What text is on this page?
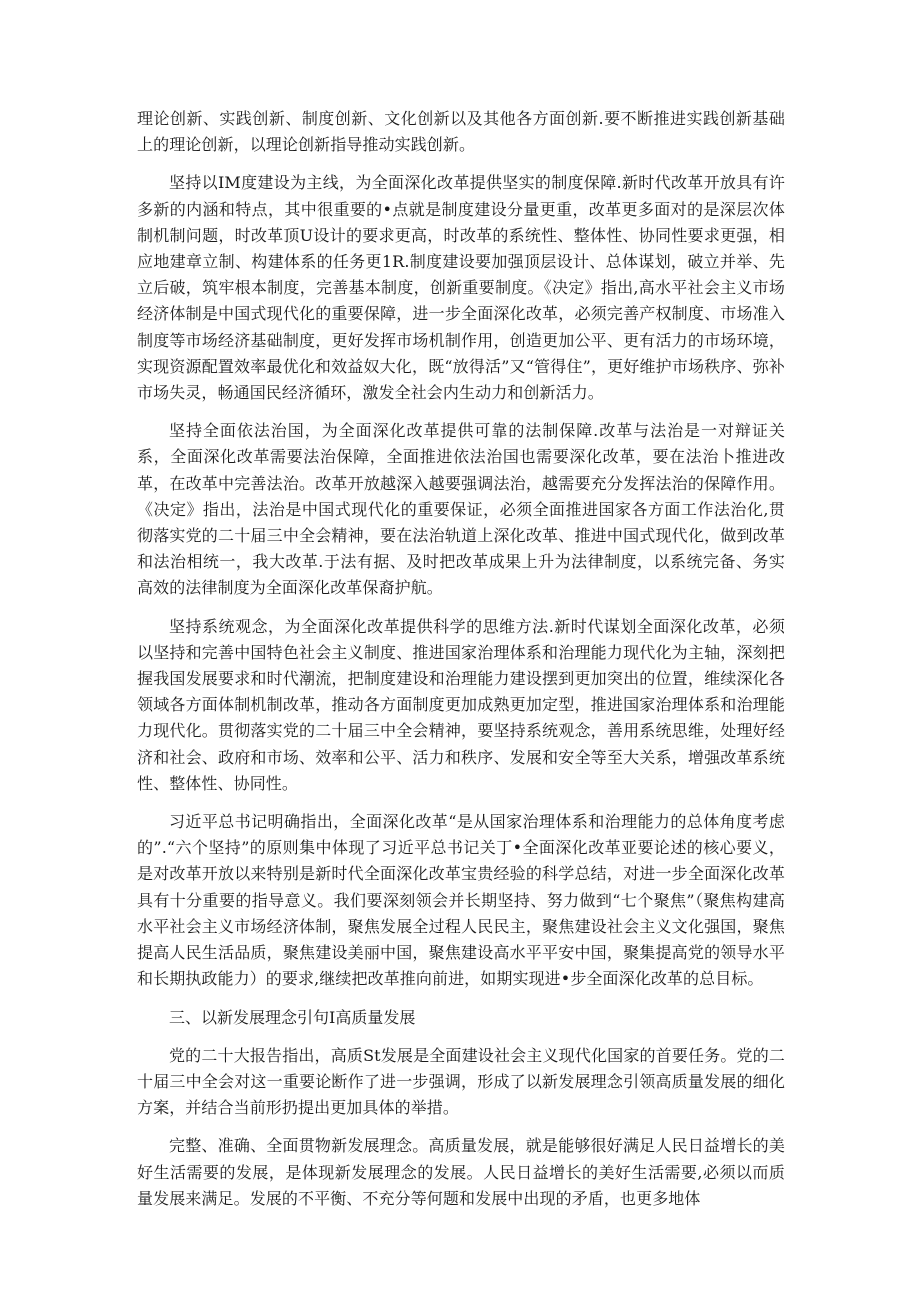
理论创新、实践创新、制度创新、文化创新以及其他各方面创新.要不断推进实践创新基础上的理论创新，以理论创新指导推动实践创新。

坚持以IM度建设为主线，为全面深化改革提供坚实的制度保障.新时代改革开放具有许多新的内涵和特点，其中很重要的•点就是制度建设分量更重，改革更多面对的是深层次体制机制问题，时改革顶U设计的要求更高，时改革的系统性、整体性、协同性要求更强，相应地建章立制、构建体系的任务更1R.制度建设要加强顶层设计、总体谋划，破立并举、先立后破，筑牢根本制度，完善基本制度，创新重要制度。《决定》指出,高水平社会主义市场经济体制是中国式现代化的重要保障，进一步全面深化改革，必须完善产权制度、市场准入制度等市场经济基础制度，更好发挥市场机制作用，创造更加公平、更有活力的市场环境，实现资源配置效率最优化和效益奴大化，既“放得活”又“管得住”，更好维护市场秩序、弥补市场失灵，畅通国民经济循环，激发全社会内生动力和创新活力。

坚持全面依法治国，为全面深化改革提供可靠的法制保障.改革与法治是一对辩证关系，全面深化改革需要法治保障，全面推进依法治国也需要深化改革，要在法治卜推进改革，在改革中完善法治。改革开放越深入越要强调法治，越需要充分发挥法治的保障作用。《决定》指出，法治是中国式现代化的重要保证，必须全面推进国家各方面工作法治化,贯彻落实党的二十届三中全会精神，要在法治轨道上深化改革、推进中国式现代化，做到改革和法治相统一，我大改革.于法有据、及时把改革成果上升为法律制度，以系统完备、务实高效的法律制度为全面深化改革保裔护航。

坚持系统观念，为全面深化改革提供科学的思维方法.新时代谋划全面深化改革，必须以坚持和完善中国特色社会主义制度、推进国家治理体系和治理能力现代化为主轴，深刻把握我国发展要求和时代潮流，把制度建设和治理能力建设摆到更加突出的位置，维续深化各领域各方面体制机制改革，推动各方面制度更加成熟更加定型，推进国家治理体系和治理能力现代化。贯彻落实党的二十届三中全会精神，要坚持系统观念，善用系统思维，处理好经济和社会、政府和市场、效率和公平、活力和秩序、发展和安全等至大关系，增强改革系统性、整体性、协同性。

习近平总书记明确指出，全面深化改革“是从国家治理体系和治理能力的总体角度考虑的”.“六个坚持”的原则集中体现了习近平总书记关丁•全面深化改革亚要论述的核心要义，是对改革开放以来特别是新时代全面深化改革宝贵经验的科学总结，对进一步全面深化改革具有十分重要的指导意义。我们要深刻领会并长期坚持、努力做到“七个聚焦”（聚焦构建高水平社会主义市场经济体制，聚焦发展全过程人民民主，聚焦建设社会主义文化强国，聚焦提高人民生活品质，聚焦建设美丽中国，聚焦建设高水平平安中国，聚集提高党的领导水平和长期执政能力）的要求,继续把改革推向前进，如期实现进•步全面深化改革的总目标。

三、以新发展理念引句I高质量发展

党的二十大报告指出，高质St发展是全面建设社会主义现代化国家的首要任务。党的二十届三中全会对这一重要论断作了进一步强调，形成了以新发展理念引领高质量发展的细化方案，并结合当前形扔提出更加具体的举措。

完整、准确、全面贯物新发展理念。高质量发展，就是能够很好满足人民日益增长的美好生活需要的发展，是体现新发展理念的发展。人民日益增长的美好生活需要,必须以而质量发展来满足。发展的不平衡、不充分等何题和发展中出现的矛盾，也更多地体
